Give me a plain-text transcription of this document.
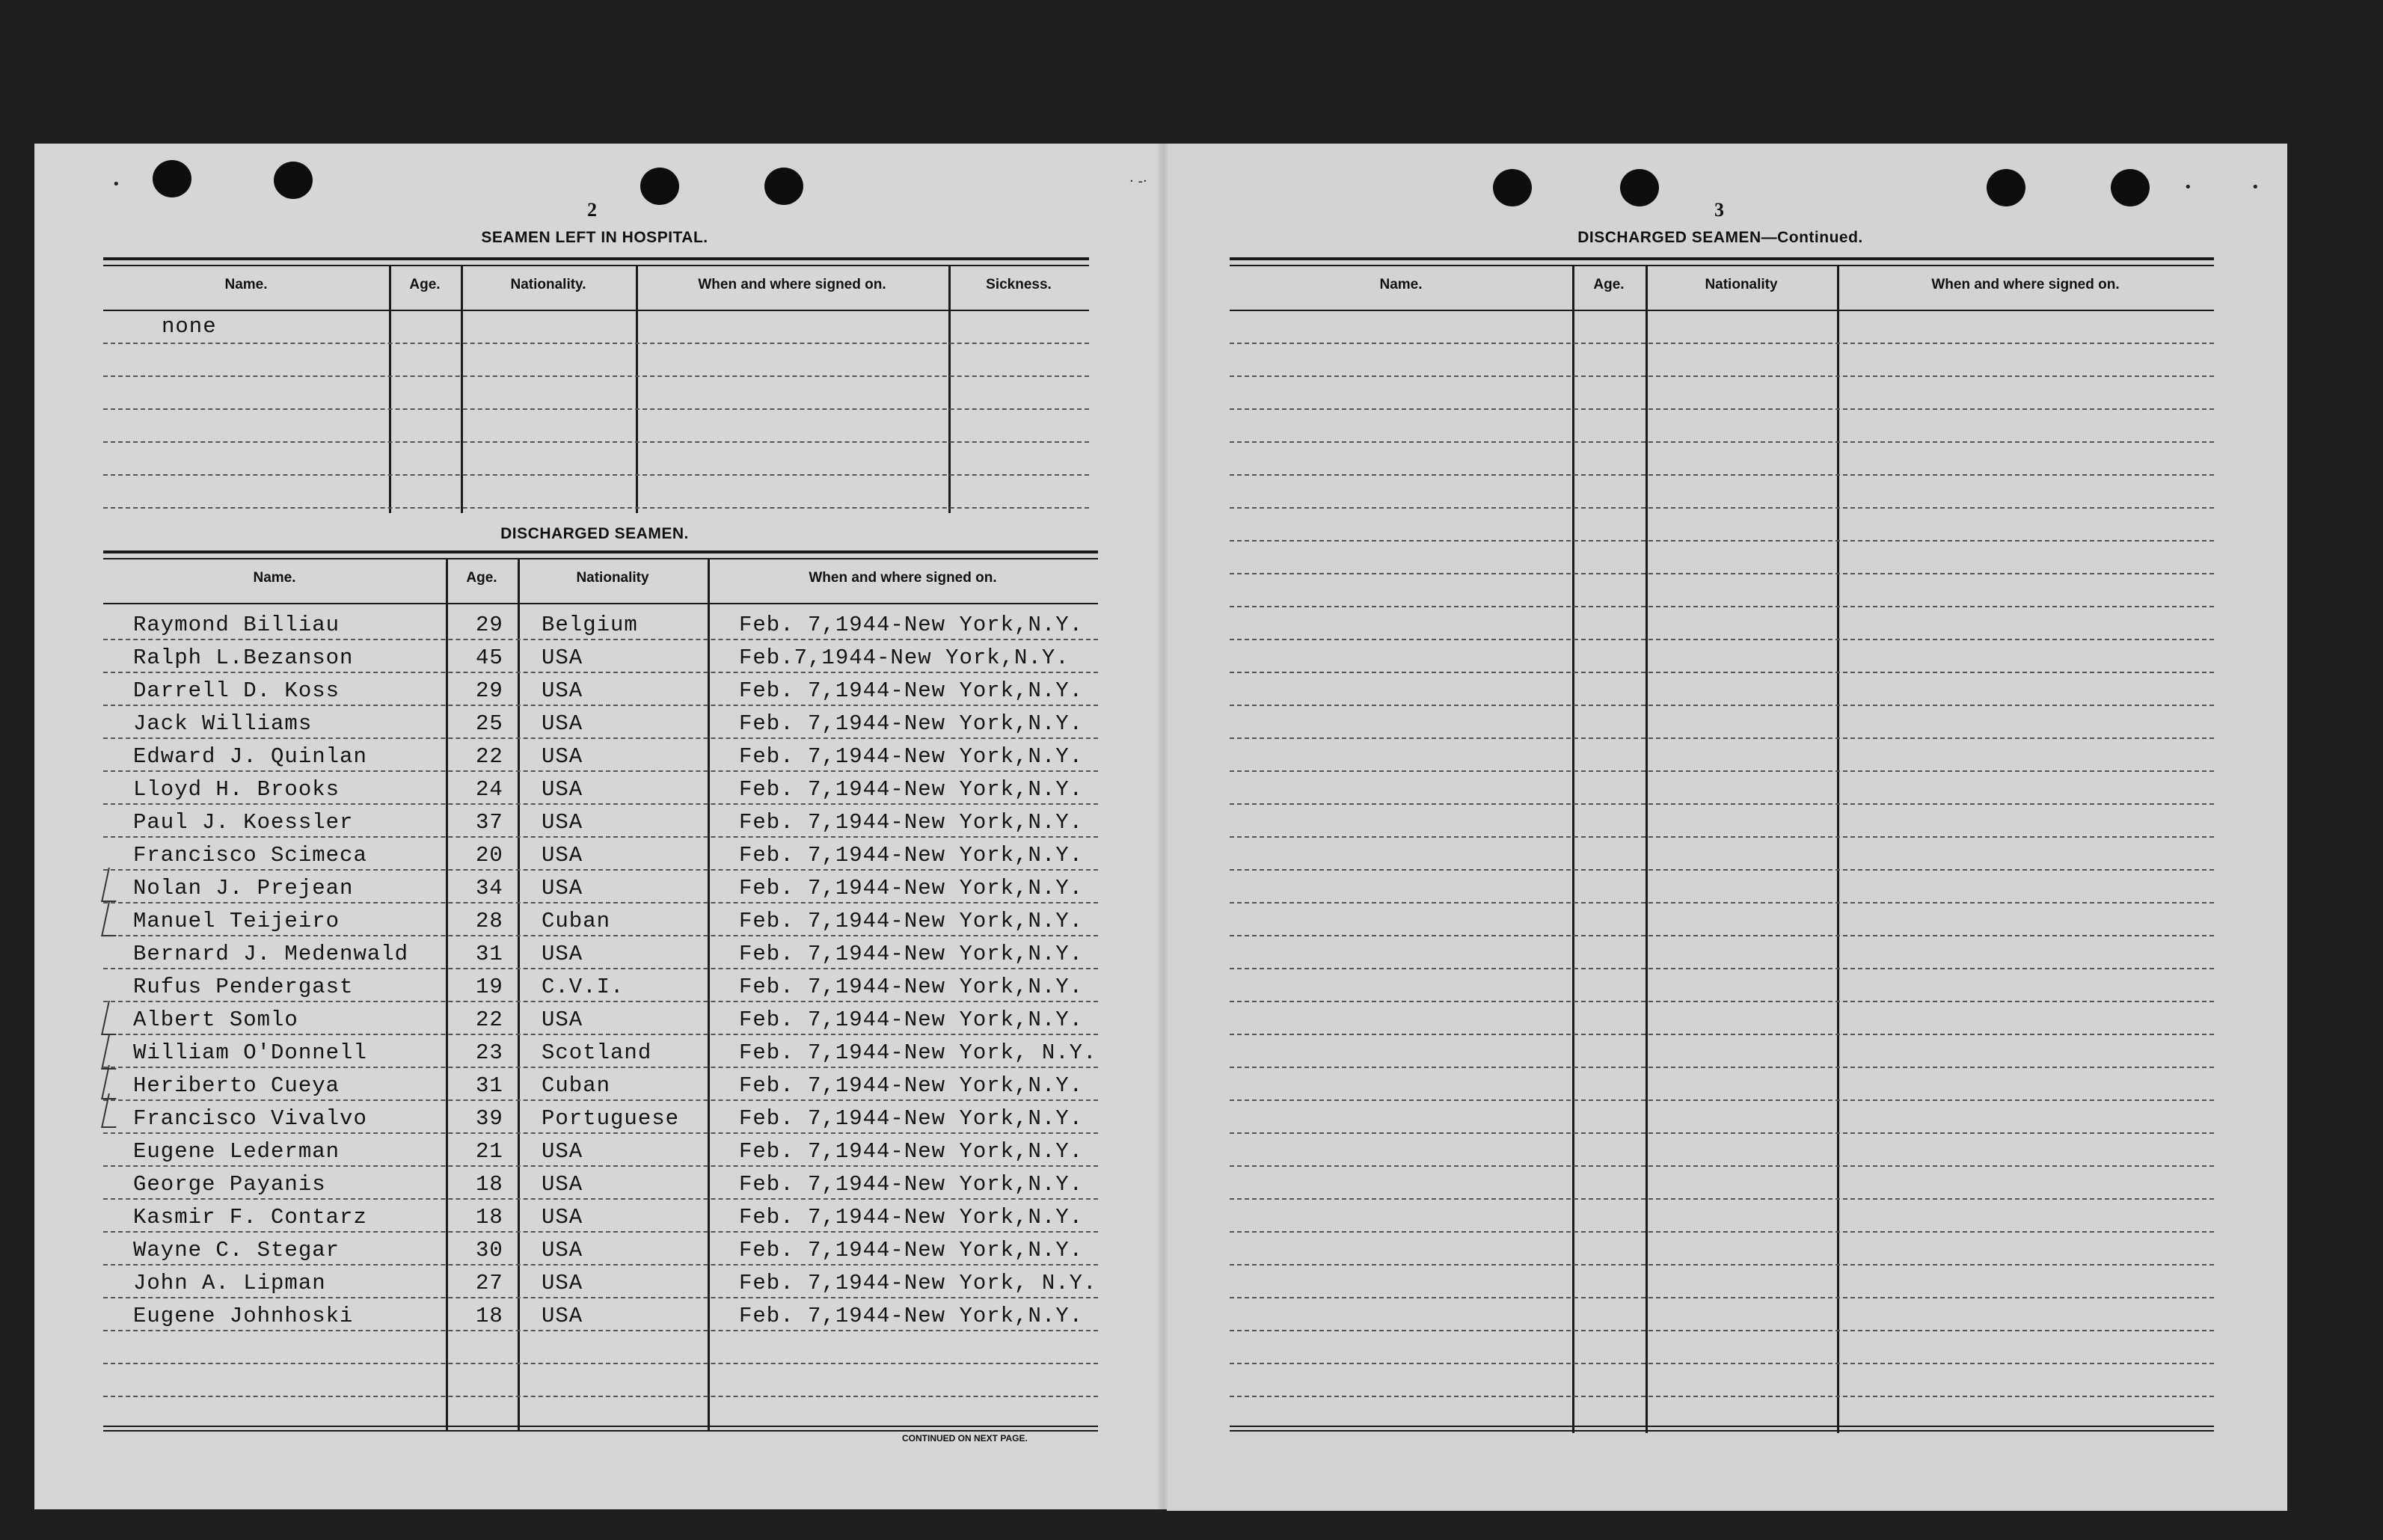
2
SEAMEN LEFT IN HOSPITAL.
Name.	Age.	Nationality.	When and where signed on.	Sickness.
none
DISCHARGED SEAMEN.
Name.	Age.	Nationality	When and where signed on.
Raymond Billiau	29 Belgium	Feb. 7,1944-New York,N.Y.
Ralph L.Bezanson	45 USA	Feb.7,1944-New York,N.Y.
Darrell D. Koss	29 USA	Feb. 7,1944-New York,N.Y.
Jack Williams	25 USA	Feb. 7,1944-New York,N.Y.
Edward J. Quinlan	22 USA	Feb. 7,1944-New York,N.Y.
Lloyd H. Brooks	24 USA	Feb. 7,1944-New York,N.Y.
Paul J. Koessler	37 USA	Feb. 7,1944-New York,N.Y.
Francisco Scimeca	20 USA	Feb. 7,1944-New York,N.Y.
Nolan J. Prejean	34 USA	Feb. 7,1944-New York,N.Y.
Manuel Teijeiro	28 Cuban	Feb. 7,1944-New York,N.Y.
Bernard J. Medenwald	31 USA	Feb. 7,1944-New York,N.Y.
Rufus Pendergast	19 C.V.I.	Feb. 7,1944-New York,N.Y.
Albert Somlo	22 USA	Feb. 7,1944-New York,N.Y.
William O'Donnell	23 Scotland	Feb. 7,1944-New York, N.Y.
Heriberto Cueya	31 Cuban	Feb. 7,1944-New York,N.Y.
Francisco Vivalvo	39 Portuguese	Feb. 7,1944-New York,N.Y.
Eugene Lederman	21 USA	Feb. 7,1944-New York,N.Y.
George Payanis	18 USA	Feb. 7,1944-New York,N.Y.
Kasmir F. Contarz	18 USA	Feb. 7,1944-New York,N.Y.
Wayne C. Stegar	30 USA	Feb. 7,1944-New York,N.Y.
John A. Lipman	27 USA	Feb. 7,1944-New York, N.Y.
Eugene Johnhoski	18 USA	Feb. 7,1944-New York,N.Y.
CONTINUED ON NEXT PAGE.
3
DISCHARGED SEAMEN—Continued.
Name.	Age.	Nationality	When and where signed on.
•	•	•
· -·
